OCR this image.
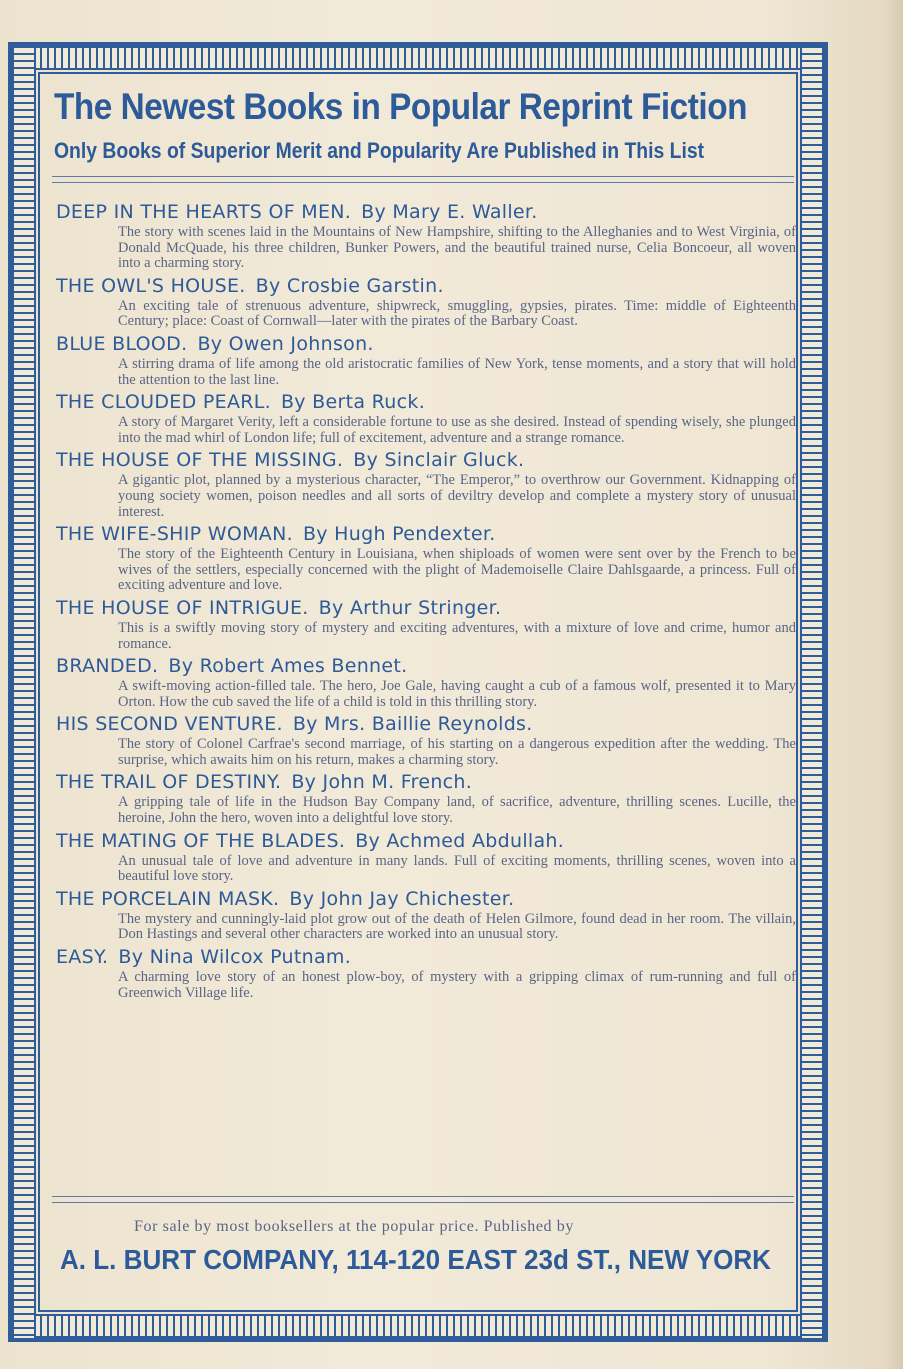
The Newest Books in Popular Reprint Fiction
Only Books of Superior Merit and Popularity Are Published in This List
DEEP IN THE HEARTS OF MEN. By Mary E. Waller.
The story with scenes laid in the Mountains of New Hampshire, shifting to the Alleghanies and to West Virginia, of Donald McQuade, his three children, Bunker Powers, and the beautiful trained nurse, Celia Boncoeur, all woven into a charming story.
THE OWL'S HOUSE. By Crosbie Garstin.
An exciting tale of strenuous adventure, shipwreck, smuggling, gypsies, pirates. Time: middle of Eighteenth Century; place: Coast of Cornwall—later with the pirates of the Barbary Coast.
BLUE BLOOD. By Owen Johnson.
A stirring drama of life among the old aristocratic families of New York, tense moments, and a story that will hold the attention to the last line.
THE CLOUDED PEARL. By Berta Ruck.
A story of Margaret Verity, left a considerable fortune to use as she desired. Instead of spending wisely, she plunged into the mad whirl of London life; full of excitement, adventure and a strange romance.
THE HOUSE OF THE MISSING. By Sinclair Gluck.
A gigantic plot, planned by a mysterious character, “The Emperor,” to overthrow our Government. Kidnapping of young society women, poison needles and all sorts of deviltry develop and complete a mystery story of unusual interest.
THE WIFE-SHIP WOMAN. By Hugh Pendexter.
The story of the Eighteenth Century in Louisiana, when shiploads of women were sent over by the French to be wives of the settlers, especially concerned with the plight of Mademoiselle Claire Dahlsgaarde, a princess. Full of exciting adventure and love.
THE HOUSE OF INTRIGUE. By Arthur Stringer.
This is a swiftly moving story of mystery and exciting adventures, with a mixture of love and crime, humor and romance.
BRANDED. By Robert Ames Bennet.
A swift-moving action-filled tale. The hero, Joe Gale, having caught a cub of a famous wolf, presented it to Mary Orton. How the cub saved the life of a child is told in this thrilling story.
HIS SECOND VENTURE. By Mrs. Baillie Reynolds.
The story of Colonel Carfrae's second marriage, of his starting on a dangerous expedition after the wedding. The surprise, which awaits him on his return, makes a charming story.
THE TRAIL OF DESTINY. By John M. French.
A gripping tale of life in the Hudson Bay Company land, of sacrifice, adventure, thrilling scenes. Lucille, the heroine, John the hero, woven into a delightful love story.
THE MATING OF THE BLADES. By Achmed Abdullah.
An unusual tale of love and adventure in many lands. Full of exciting moments, thrilling scenes, woven into a beautiful love story.
THE PORCELAIN MASK. By John Jay Chichester.
The mystery and cunningly-laid plot grow out of the death of Helen Gilmore, found dead in her room. The villain, Don Hastings and several other characters are worked into an unusual story.
EASY. By Nina Wilcox Putnam.
A charming love story of an honest plow-boy, of mystery with a gripping climax of rum-running and full of Greenwich Village life.
For sale by most booksellers at the popular price. Published by
A. L. BURT COMPANY, 114-120 EAST 23d ST., NEW YORK
